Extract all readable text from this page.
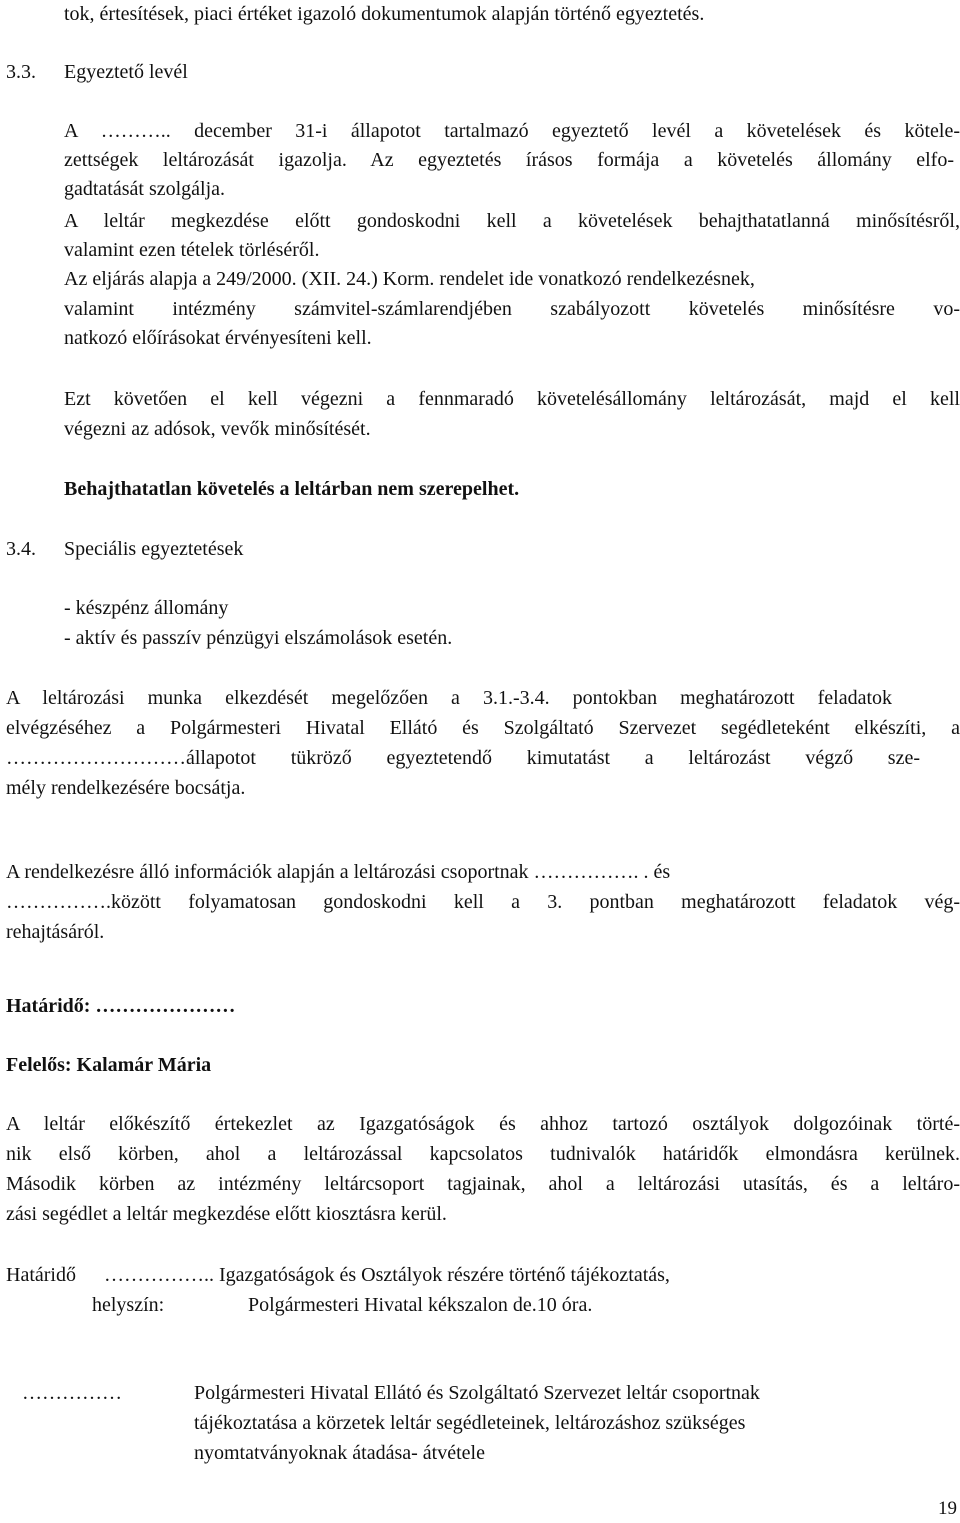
tok, értesítések, piaci értéket igazoló dokumentumok alapján történő egyeztetés.
3.3. Egyeztető levél
A ……….. december 31-i állapotot tartalmazó egyeztető levél a követelések és kötele-
zettségek leltározását igazolja. Az egyeztetés írásos formája a követelés állomány elfo-
gadtatását szolgálja.
A leltár megkezdése előtt gondoskodni kell a követelések behajthatatlanná minősítésről,
valamint ezen tételek törléséről.
Az eljárás alapja a 249/2000. (XII. 24.) Korm. rendelet ide vonatkozó rendelkezésnek,
valamint intézmény számvitel-számlarendjében szabályozott követelés minősítésre vo-
natkozó előírásokat érvényesíteni kell.
Ezt követően el kell végezni a fennmaradó követelésállomány leltározását, majd el kell
végezni az adósok, vevők minősítését.
Behajthatatlan követelés a leltárban nem szerepelhet.
3.4. Speciális egyeztetések
- készpénz állomány
- aktív és passzív pénzügyi elszámolások esetén.
A leltározási munka elkezdését megelőzően a 3.1.-3.4. pontokban meghatározott feladatok
elvégzéséhez a Polgármesteri Hivatal Ellátó és Szolgáltató Szervezet segédleteként elkészíti, a
………………………állapotot tükröző egyeztetendő kimutatást a leltározást végző sze-
mély rendelkezésére bocsátja.
A rendelkezésre álló információk alapján a leltározási csoportnak ……………. . és
…………….között folyamatosan gondoskodni kell a 3. pontban meghatározott feladatok vég-
rehajtásáról.
Határidő: …………………
Felelős: Kalamár Mária
A leltár előkészítő értekezlet az Igazgatóságok és ahhoz tartozó osztályok dolgozóinak törté-
nik első körben, ahol a leltározással kapcsolatos tudnivalók határidők elmondásra kerülnek.
Második körben az intézmény leltárcsoport tagjainak, ahol a leltározási utasítás, és a leltáro-
zási segédlet a leltár megkezdése előtt kiosztásra kerül.
Határidő …………….. Igazgatóságok és Osztályok részére történő tájékoztatás,
helyszín:	Polgármesteri Hivatal kékszalon de.10 óra.
……………	Polgármesteri Hivatal Ellátó és Szolgáltató Szervezet leltár csoportnak
tájékoztatása a körzetek leltár segédleteinek, leltározáshoz szükséges
nyomtatványoknak átadása- átvétele
19
